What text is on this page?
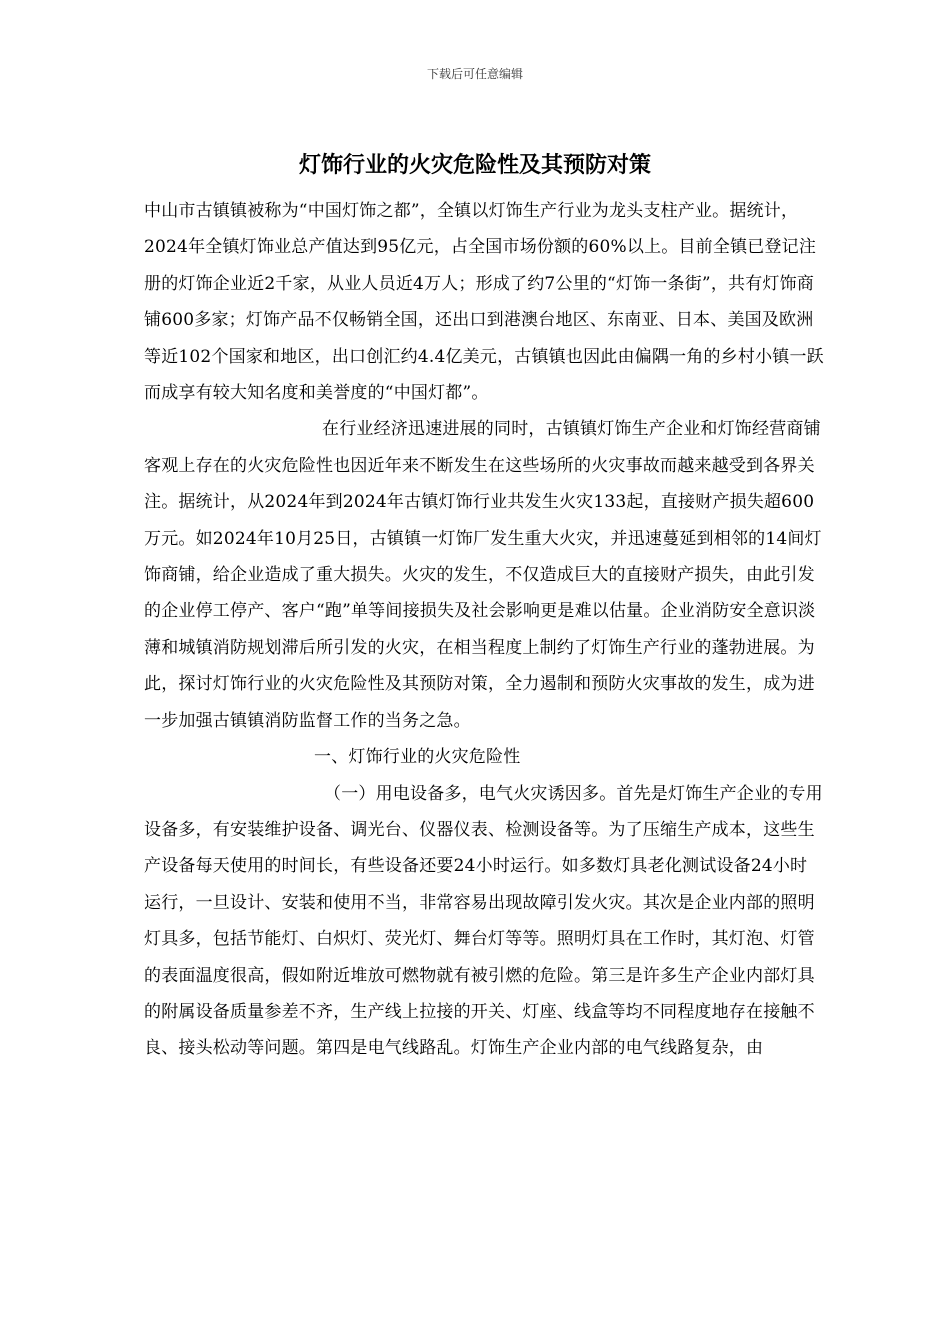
下载后可任意编辑
灯饰行业的火灾危险性及其预防对策

中山市古镇镇被称为“中国灯饰之都”，全镇以灯饰生产行业为龙头支柱产业。据统计，2024年全镇灯饰业总产值达到95亿元，占全国市场份额的60%以上。目前全镇已登记注册的灯饰企业近2千家，从业人员近4万人；形成了约7公里的“灯饰一条街”，共有灯饰商铺600多家；灯饰产品不仅畅销全国，还出口到港澳台地区、东南亚、日本、美国及欧洲等近102个国家和地区，出口创汇约4.4亿美元，古镇镇也因此由偏隅一角的乡村小镇一跃而成享有较大知名度和美誉度的“中国灯都”。

在行业经济迅速进展的同时，古镇镇灯饰生产企业和灯饰经营商铺客观上存在的火灾危险性也因近年来不断发生在这些场所的火灾事故而越来越受到各界关注。据统计，从2024年到2024年古镇灯饰行业共发生火灾133起，直接财产损失超600万元。如2024年10月25日，古镇镇一灯饰厂发生重大火灾，并迅速蔓延到相邻的14间灯饰商铺，给企业造成了重大损失。火灾的发生，不仅造成巨大的直接财产损失，由此引发的企业停工停产、客户“跑”单等间接损失及社会影响更是难以估量。企业消防安全意识淡薄和城镇消防规划滞后所引发的火灾，在相当程度上制约了灯饰生产行业的蓬勃进展。为此，探讨灯饰行业的火灾危险性及其预防对策，全力遏制和预防火灾事故的发生，成为进一步加强古镇镇消防监督工作的当务之急。

一、灯饰行业的火灾危险性

（一）用电设备多，电气火灾诱因多。首先是灯饰生产企业的专用设备多，有安装维护设备、调光台、仪器仪表、检测设备等。为了压缩生产成本，这些生产设备每天使用的时间长，有些设备还要24小时运行。如多数灯具老化测试设备24小时运行，一旦设计、安装和使用不当，非常容易出现故障引发火灾。其次是企业内部的照明灯具多，包括节能灯、白炽灯、荧光灯、舞台灯等等。照明灯具在工作时，其灯泡、灯管的表面温度很高，假如附近堆放可燃物就有被引燃的危险。第三是许多生产企业内部灯具的附属设备质量参差不齐，生产线上拉接的开关、灯座、线盒等均不同程度地存在接触不良、接头松动等问题。第四是电气线路乱。灯饰生产企业内部的电气线路复杂，由
